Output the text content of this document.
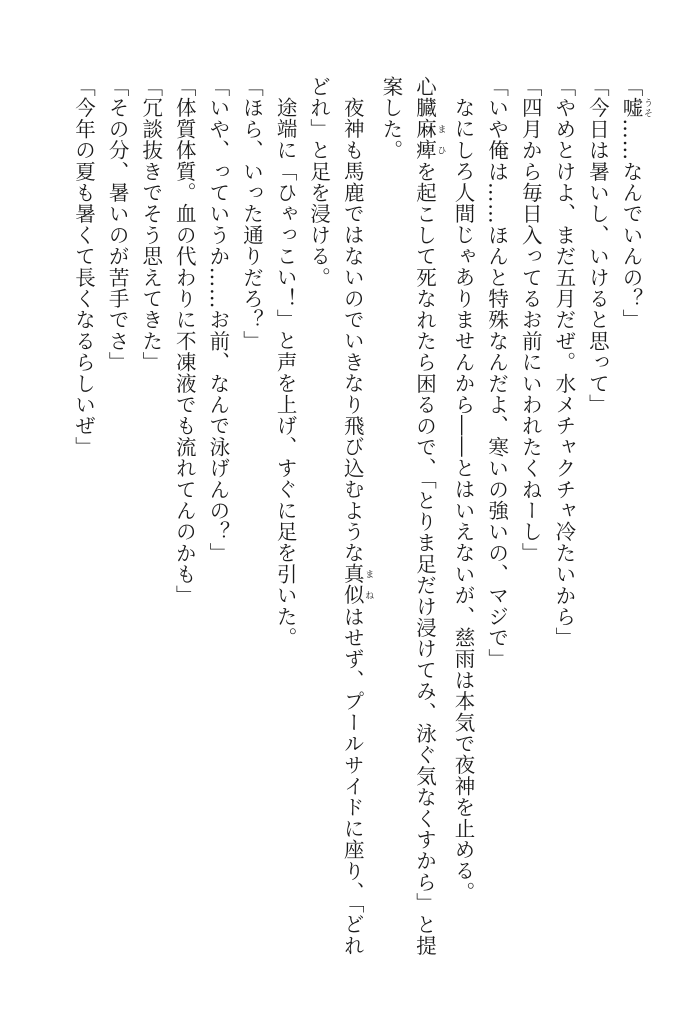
「嘘 うそ……なんでいんの？」

「今日は暑いし、いけると思って」

「やめとけよ、まだ五月だぜ。水メチャクチャ冷たいから」

「四月から毎日入ってるお前にいわれたくねーし」

「いや俺は……ほんと特殊なんだよ、寒いの強いの、マジで」

なにしろ人間じゃありませんから――とはいえないが、慈雨は本気で夜神を止める。

心臓麻痺 まひを起こして死なれたら困るので、「とりま足だけ浸けてみ、泳ぐ気なくすから」と提案した。

夜神も馬鹿ではないのでいきなり飛び込むような真似 まねはせず、プールサイドに座り、「どれどれ」と足を浸ける。

途端に「ひゃっこい！」と声を上げ、すぐに足を引いた。

「ほら、いった通りだろ？」

「いや、っていうか……お前、なんで泳げんの？」

「体質体質。血の代わりに不凍液でも流れてんのかも」

「冗談抜きでそう思えてきた」

「その分、暑いのが苦手でさ」

「今年の夏も暑くて長くなるらしいぜ」
